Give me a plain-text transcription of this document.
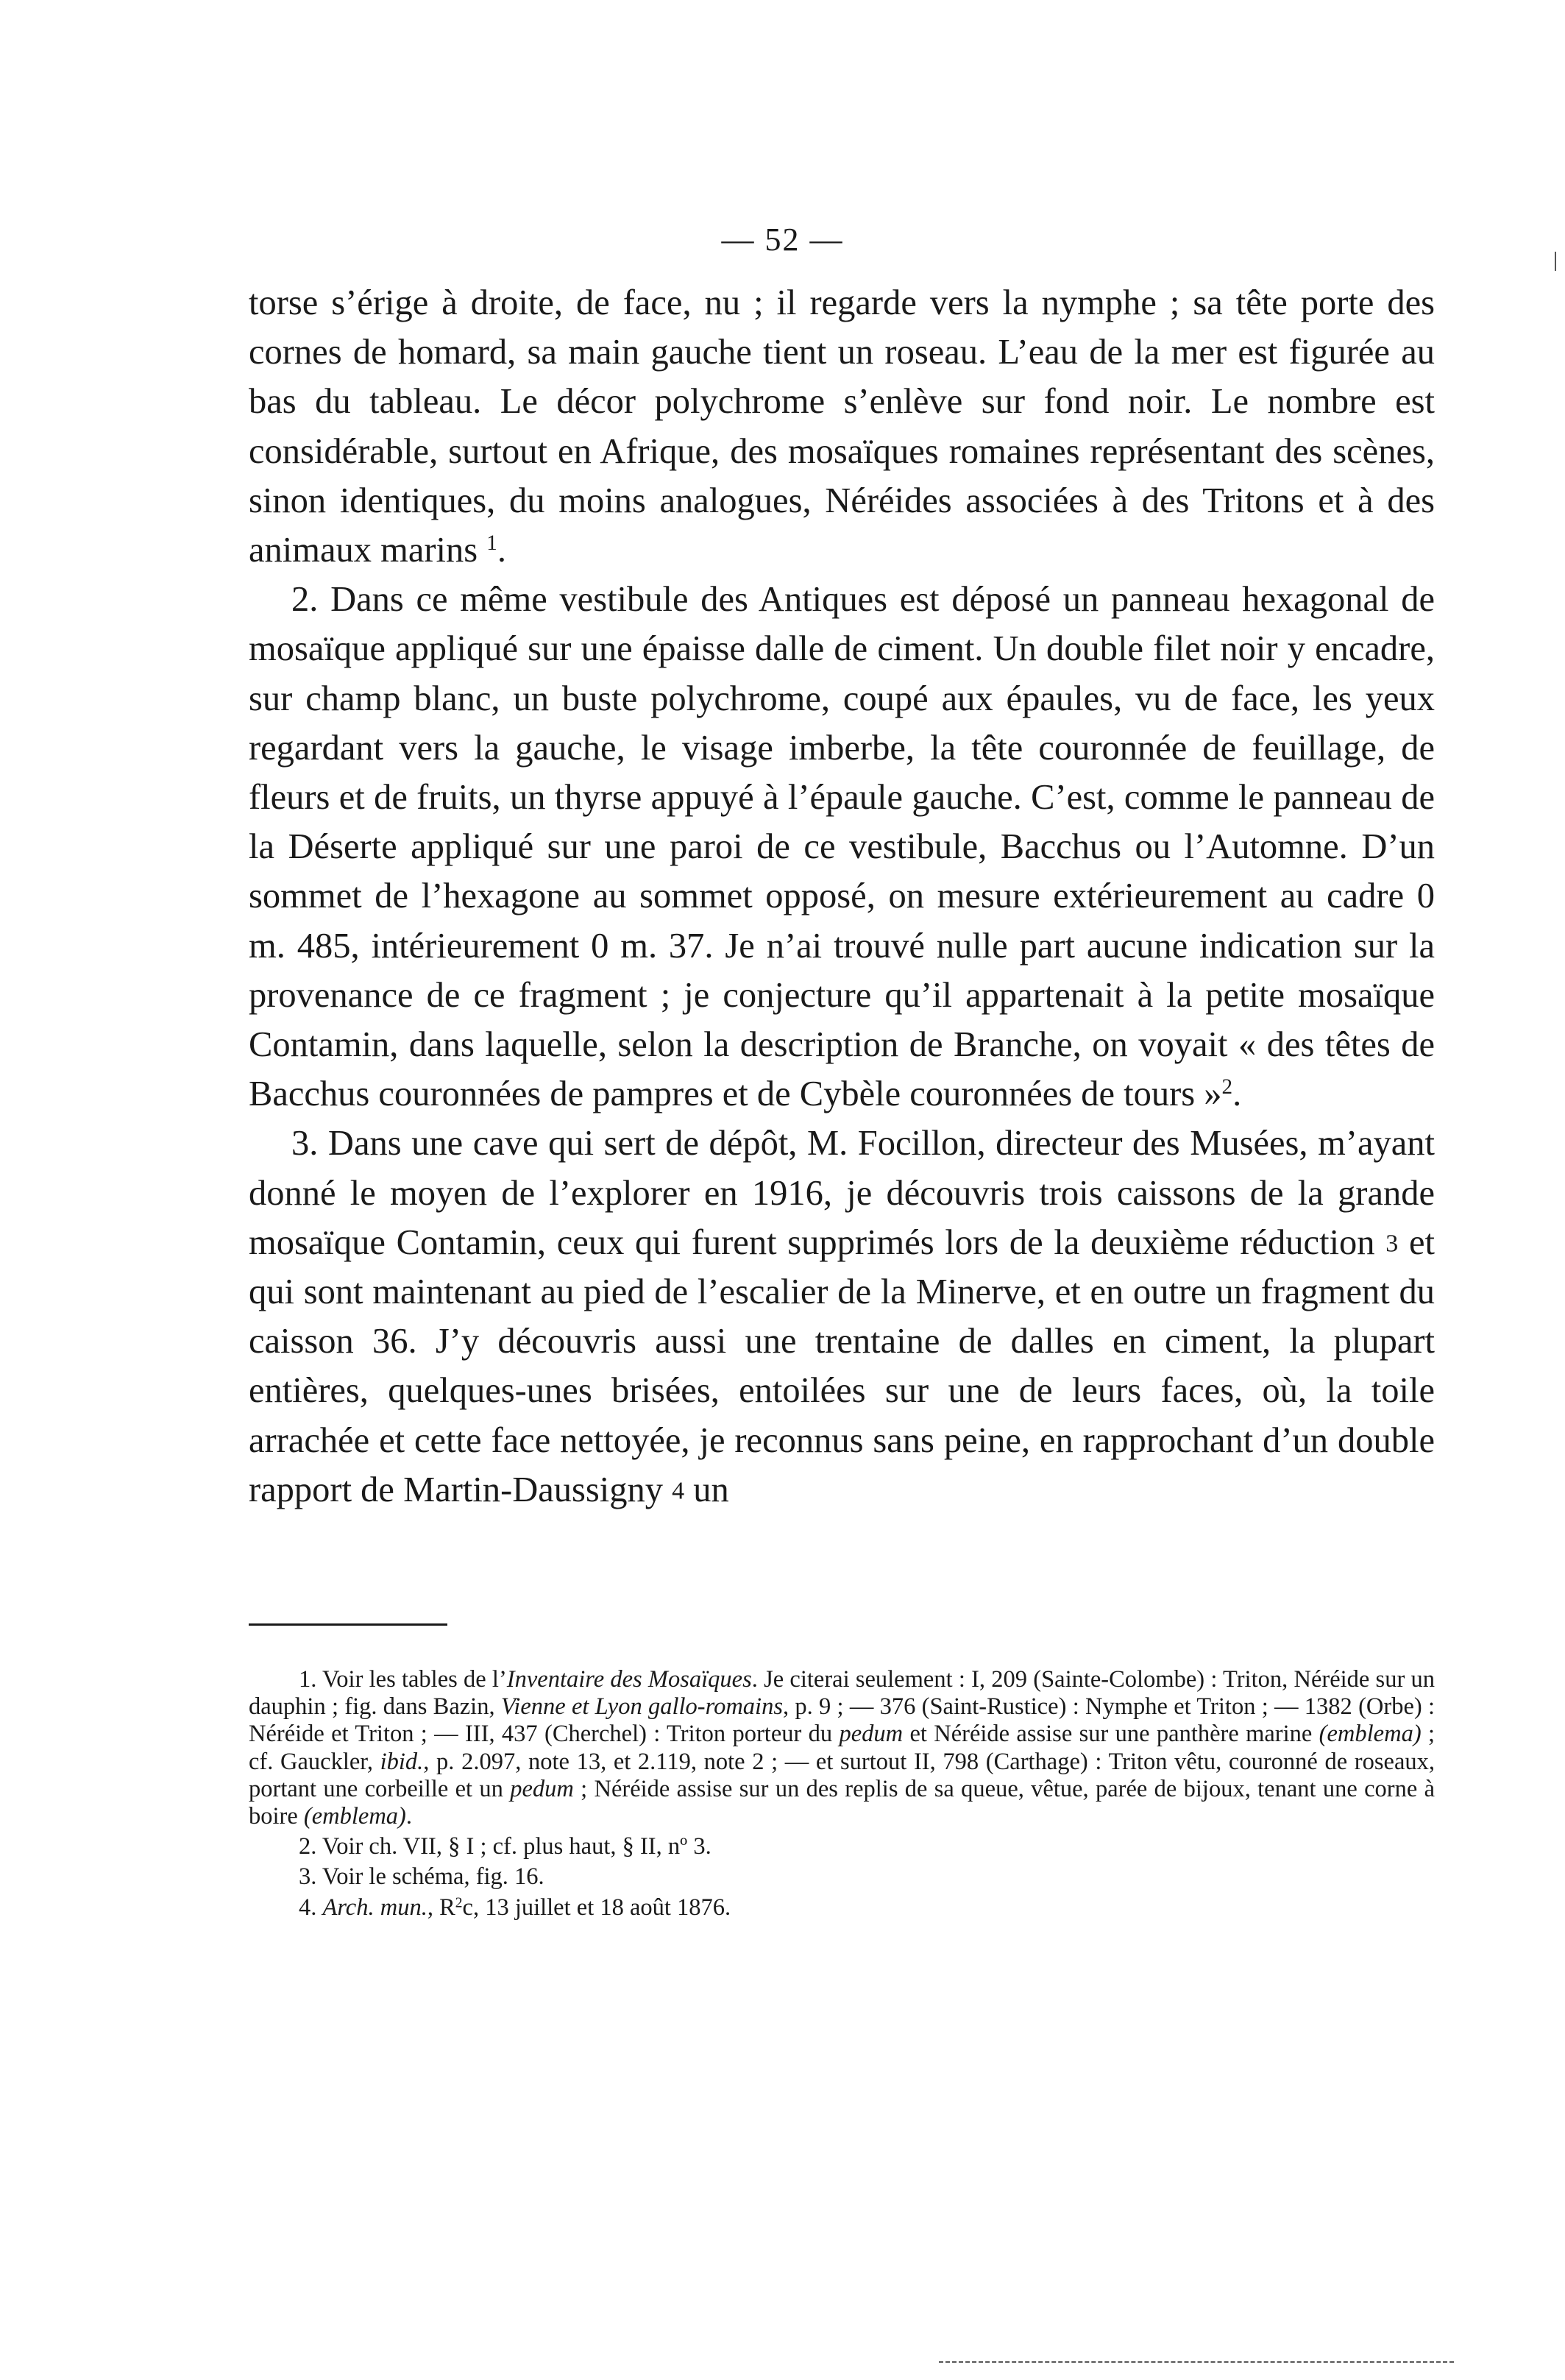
— 52 —

torse s’érige à droite, de face, nu ; il regarde vers la nymphe ; sa tête porte des cornes de homard, sa main gauche tient un roseau. L’eau de la mer est figurée au bas du tableau. Le décor polychrome s’enlève sur fond noir. Le nombre est considérable, surtout en Afrique, des mosaïques romaines représentant des scènes, sinon identiques, du moins analogues, Néréides associées à des Tritons et à des animaux marins $^1$.

2. Dans ce même vestibule des Antiques est déposé un panneau hexagonal de mosaïque appliqué sur une épaisse dalle de ciment. Un double filet noir y encadre, sur champ blanc, un buste polychrome, coupé aux épaules, vu de face, les yeux regardant vers la gauche, le visage imberbe, la tête couronnée de feuillage, de fleurs et de fruits, un thyrse appuyé à l’épaule gauche. C’est, comme le panneau de la Déserte appliqué sur une paroi de ce vestibule, Bacchus ou l’Automne. D’un sommet de l’hexagone au sommet opposé, on mesure extérieurement au cadre 0 m. 485, intérieurement 0 m. 37. Je n’ai trouvé nulle part aucune indication sur la provenance de ce fragment ; je conjecture qu’il appartenait à la petite mosaïque Contamin, dans laquelle, selon la description de Branche, on voyait « des têtes de Bacchus couronnées de pampres et de Cybèle couronnées de tours »$^2$.

3. Dans une cave qui sert de dépôt, M. Focillon, directeur des Musées, m’ayant donné le moyen de l’explorer en 1916, je découvris trois caissons de la grande mosaïque Contamin, ceux qui furent supprimés lors de la deuxième réduction 3 et qui sont maintenant au pied de l’escalier de la Minerve, et en outre un fragment du caisson 36. J’y découvris aussi une trentaine de dalles en ciment, la plupart entières, quelques-unes brisées, entoilées sur une de leurs faces, où, la toile arrachée et cette face nettoyée, je reconnus sans peine, en rapprochant d’un double rapport de Martin-Daussigny 4 un

1. Voir les tables de l’Inventaire des Mosaïques. Je citerai seulement : I, 209 (Sainte-Colombe) : Triton, Néréide sur un dauphin ; fig. dans Bazin, Vienne et Lyon gallo-romains, p. 9 ; — 376 (Saint-Rustice) : Nymphe et Triton ; — 1382 (Orbe) : Néréide et Triton ; — III, 437 (Cherchel) : Triton porteur du pedum et Néréide assise sur une panthère marine (emblema) ; cf. Gauckler, ibid., p. 2.097, note 13, et 2.119, note 2 ; — et surtout II, 798 (Carthage) : Triton vêtu, couronné de roseaux, portant une corbeille et un pedum ; Néréide assise sur un des replis de sa queue, vêtue, parée de bijoux, tenant une corne à boire (emblema).

2. Voir ch. VII, § I ; cf. plus haut, § II, nº 3.

3. Voir le schéma, fig. 16.

4. Arch. mun., $R^2c$, 13 juillet et 18 août 1876.
